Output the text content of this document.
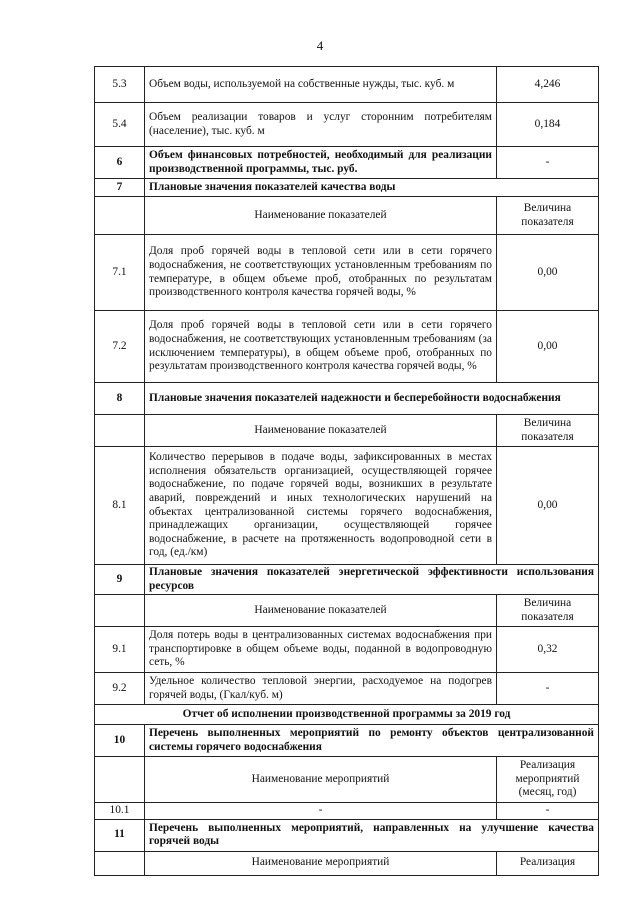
4
5.3	Объем воды, используемой на собственные нужды, тыс. куб. м	4,246
5.4	Объем реализации товаров и услуг сторонним потребителям (население), тыс. куб. м	0,184
6	Объем финансовых потребностей, необходимый для реализации производственной программы, тыс. руб.	-
7	Плановые значения показателей качества воды	
	Наименование показателей	Величина показателя
7.1	Доля проб горячей воды в тепловой сети или в сети горячего водоснабжения, не соответствующих установленным требованиям по температуре, в общем объеме проб, отобранных по результатам производственного контроля качества горячей воды, %	0,00
7.2	Доля проб горячей воды в тепловой сети или в сети горячего водоснабжения, не соответствующих установленным требованиям (за исключением температуры), в общем объеме проб, отобранных по результатам производственного контроля качества горячей воды, %	0,00
8	Плановые значения показателей надежности и бесперебойности водоснабжения	
	Наименование показателей	Величина показателя
8.1	Количество перерывов в подаче воды, зафиксированных в местах исполнения обязательств организацией, осуществляющей горячее водоснабжение, по подаче горячей воды, возникших в результате аварий, повреждений и иных технологических нарушений на объектах централизованной системы горячего водоснабжения, принадлежащих организации, осуществляющей горячее водоснабжение, в расчете на протяженность водопроводной сети в год, (ед./км)	0,00
9	Плановые значения показателей энергетической эффективности использования ресурсов	
	Наименование показателей	Величина показателя
9.1	Доля потерь воды в централизованных системах водоснабжения при транспортировке в общем объеме воды, поданной в водопроводную сеть, %	0,32
9.2	Удельное количество тепловой энергии, расходуемое на подогрев горячей воды, (Гкал/куб. м)	-
Отчет об исполнении производственной программы за 2019 год		
10	Перечень выполненных мероприятий по ремонту объектов централизованной системы горячего водоснабжения	
	Наименование мероприятий	Реализация мероприятий (месяц, год)
10.1	-	-
11	Перечень выполненных мероприятий, направленных на улучшение качества горячей воды	
	Наименование мероприятий	Реализация
